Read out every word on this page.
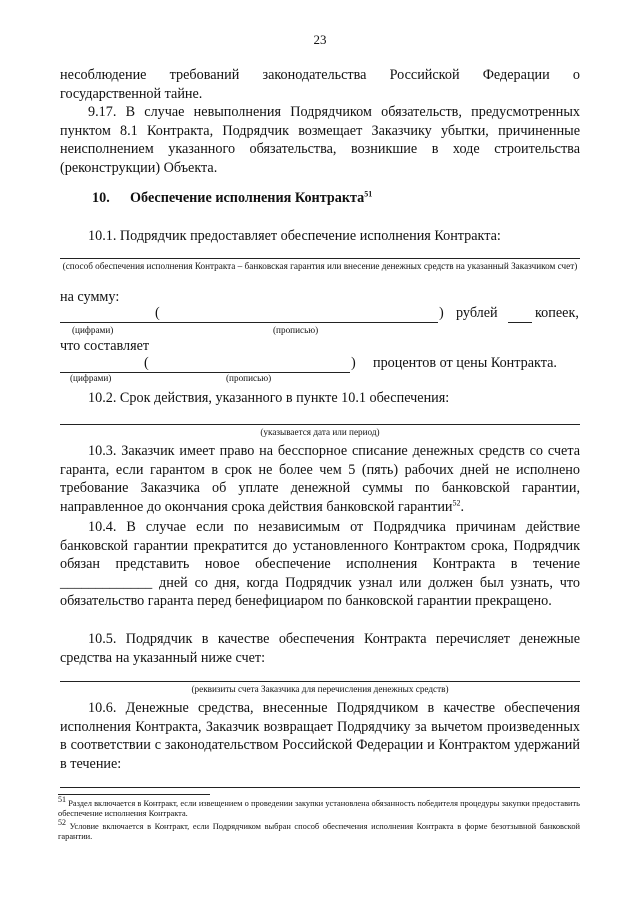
23
несоблюдение требований законодательства Российской Федерации о
государственной тайне.
9.17. В случае невыполнения Подрядчиком обязательств, предусмотренных пунктом 8.1 Контракта, Подрядчик возмещает Заказчику убытки, причиненные неисполнением указанного обязательства, возникшие в ходе строительства (реконструкции) Объекта.
10. Обеспечение исполнения Контракта$^{51}$
10.1. Подрядчик предоставляет обеспечение исполнения Контракта:
(способ обеспечения исполнения Контракта – банковская гарантия или внесение денежных средств на указанный Заказчиком счет)
на сумму:
(	) рублей	копеек,
(цифрами)	(прописью)
что составляет
(	) процентов от цены Контракта.
(цифрами)	(прописью)
10.2. Срок действия, указанного в пункте 10.1 обеспечения:
(указывается дата или период)
10.3. Заказчик имеет право на бесспорное списание денежных средств со счета гаранта, если гарантом в срок не более чем 5 (пять) рабочих дней не исполнено требование Заказчика об уплате денежной суммы по банковской гарантии, направленное до окончания срока действия банковской гарантии$^{52}$.
10.4. В случае если по независимым от Подрядчика причинам действие банковской гарантии прекратится до установленного Контрактом срока, Подрядчик обязан представить новое обеспечение исполнения Контракта в течение _____________ дней со дня, когда Подрядчик узнал или должен был узнать, что обязательство гаранта перед бенефициаром по банковской гарантии прекращено.
10.5. Подрядчик в качестве обеспечения Контракта перечисляет денежные средства на указанный ниже счет:
(реквизиты счета Заказчика для перечисления денежных средств)
10.6. Денежные средства, внесенные Подрядчиком в качестве обеспечения исполнения Контракта, Заказчик возвращает Подрядчику за вычетом произведенных в соответствии с законодательством Российской Федерации и Контрактом удержаний в течение:
$^{51}$ Раздел включается в Контракт, если извещением о проведении закупки установлена обязанность победителя процедуры закупки предоставить обеспечение исполнения Контракта.
$^{52}$ Условие включается в Контракт, если Подрядчиком выбран способ обеспечения исполнения Контракта в форме безотзывной банковской гарантии.
